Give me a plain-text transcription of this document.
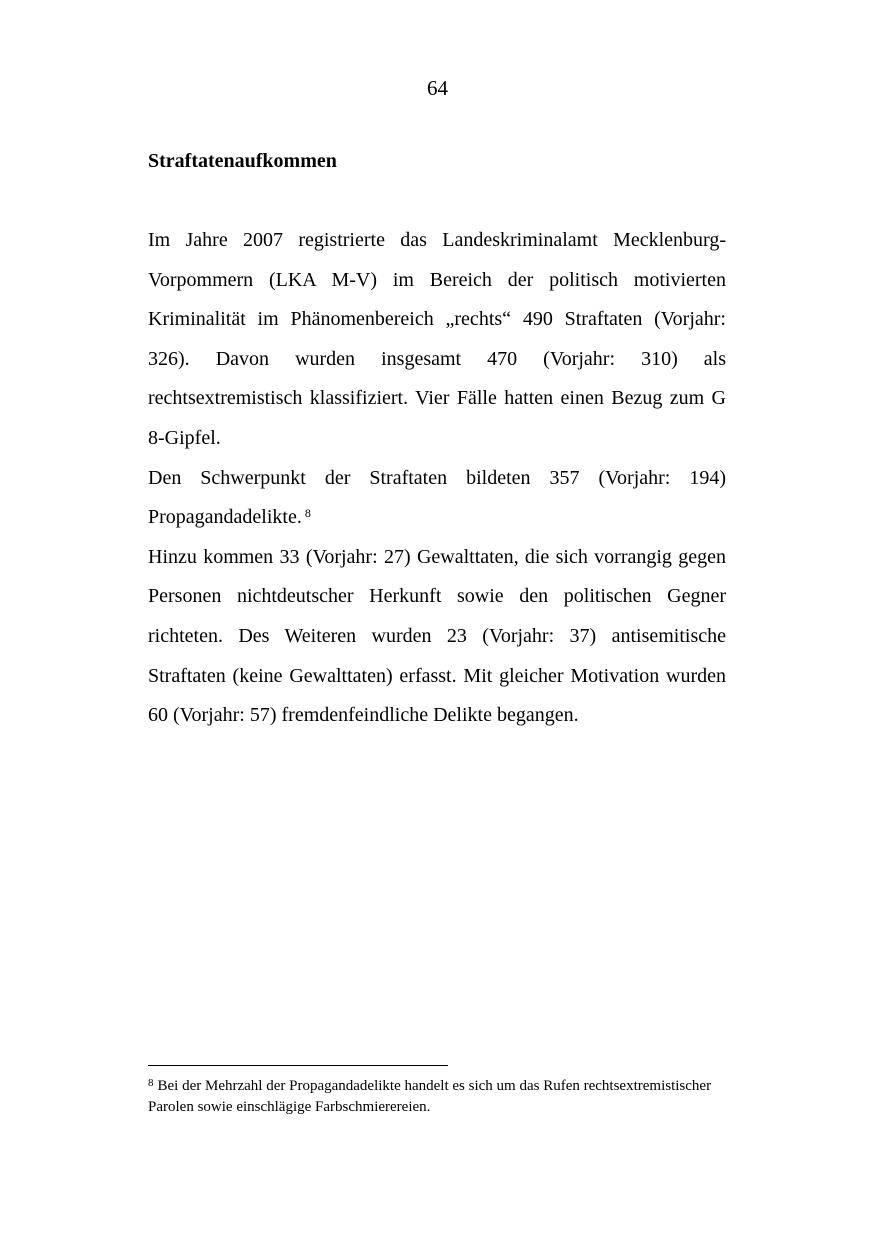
64
Straftatenaufkommen

Im Jahre 2007 registrierte das Landeskriminalamt Mecklenburg-Vorpommern (LKA M-V) im Bereich der politisch motivierten Kriminalität im Phänomenbereich „rechts“ 490 Straftaten (Vorjahr: 326). Davon wurden insgesamt 470 (Vorjahr: 310) als rechtsextremistisch klassifiziert. Vier Fälle hatten einen Bezug zum G 8-Gipfel.

Den Schwerpunkt der Straftaten bildeten 357 (Vorjahr: 194) Propagandadelikte. $^8$

Hinzu kommen 33 (Vorjahr: 27) Gewalttaten, die sich vorrangig gegen Personen nichtdeutscher Herkunft sowie den politischen Gegner richteten. Des Weiteren wurden 23 (Vorjahr: 37) antisemitische Straftaten (keine Gewalttaten) erfasst. Mit gleicher Motivation wurden 60 (Vorjahr: 57) fremdenfeindliche Delikte begangen.

$^8$ Bei der Mehrzahl der Propagandadelikte handelt es sich um das Rufen rechtsextremistischer Parolen sowie einschlägige Farbschmierereien.
